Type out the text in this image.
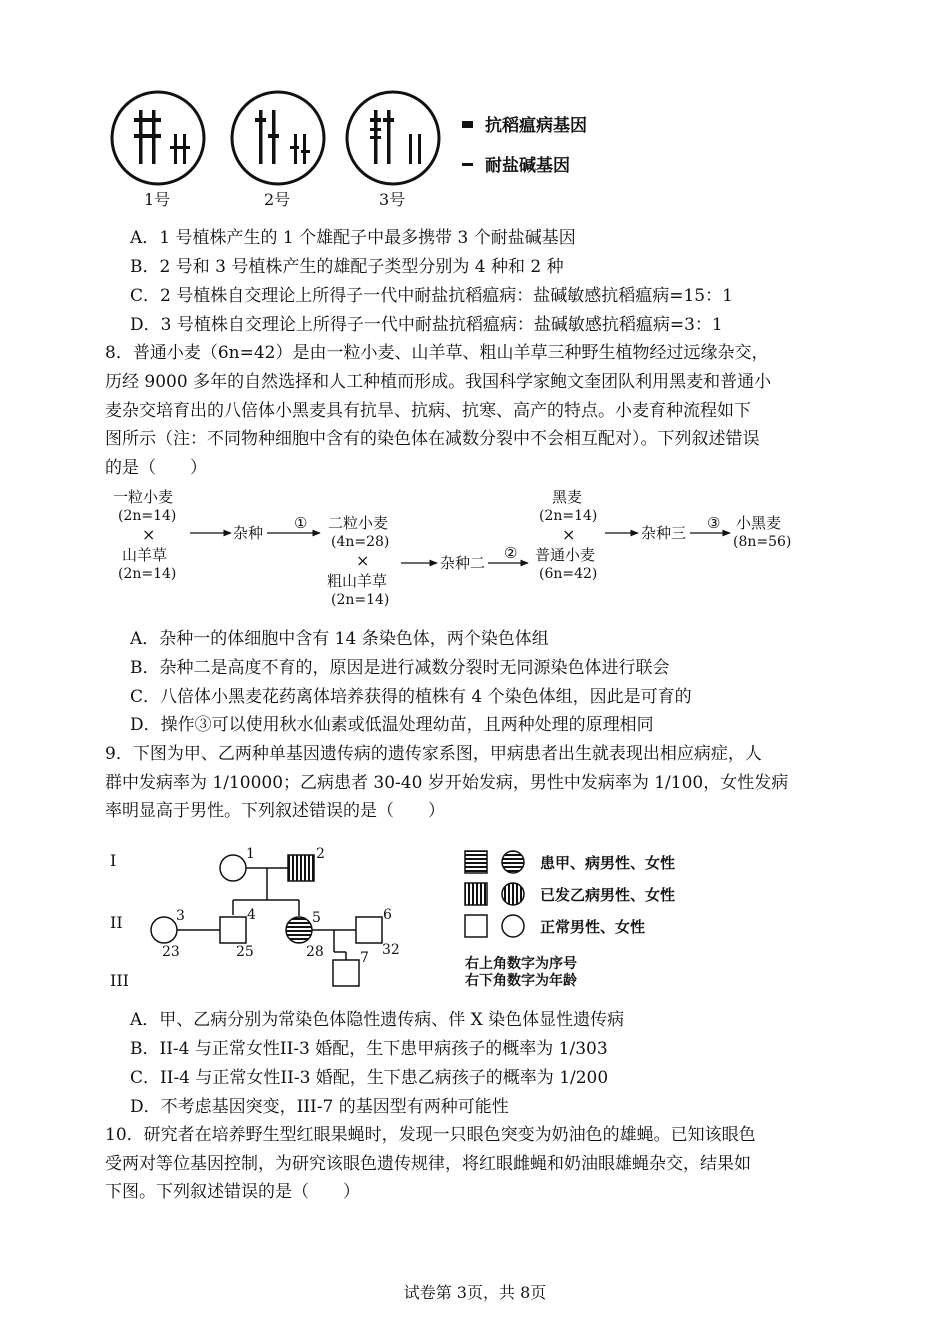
1号	2号	3号
抗稻瘟病基因
耐盐碱基因
A．1 号植株产生的 1 个雄配子中最多携带 3 个耐盐碱基因
B．2 号和 3 号植株产生的雄配子类型分别为 4 种和 2 种
C．2 号植株自交理论上所得子一代中耐盐抗稻瘟病：盐碱敏感抗稻瘟病=15：1
D．3 号植株自交理论上所得子一代中耐盐抗稻瘟病：盐碱敏感抗稻瘟病=3：1
8．普通小麦（6n=42）是由一粒小麦、山羊草、粗山羊草三种野生植物经过远缘杂交，
历经 9000 多年的自然选择和人工种植而形成。我国科学家鲍文奎团队利用黑麦和普通小
麦杂交培育出的八倍体小黑麦具有抗旱、抗病、抗寒、高产的特点。小麦育种流程如下
图所示（注：不同物种细胞中含有的染色体在减数分裂中不会相互配对）。下列叙述错误
的是（　　）
一粒小麦
(2n=14)
×
山羊草
(2n=14)
杂种
① 二粒小麦
(4n=28)
×
粗山羊草
(2n=14)
杂种二
②
黑麦
(2n=14)
×
普通小麦
(6n=42)
杂种三
③ 小黑麦
(8n=56)
A．杂种一的体细胞中含有 14 条染色体，两个染色体组
B．杂种二是高度不育的，原因是进行减数分裂时无同源染色体进行联会
C．八倍体小黑麦花药离体培养获得的植株有 4 个染色体组，因此是可育的
D．操作③可以使用秋水仙素或低温处理幼苗，且两种处理的原理相同
9．下图为甲、乙两种单基因遗传病的遗传家系图，甲病患者出生就表现出相应病症，人
群中发病率为 1/10000；乙病患者 30-40 岁开始发病，男性中发病率为 1/100，女性发病
率明显高于男性。下列叙述错误的是（　　）
I
II
III
1	2
3	4	5	6
7
23	25	28	32
患甲、病男性、女性
已发乙病男性、女性
正常男性、女性
右上角数字为序号
右下角数字为年龄
A．甲、乙病分别为常染色体隐性遗传病、伴 X 染色体显性遗传病
B．II-4 与正常女性II-3 婚配，生下患甲病孩子的概率为 1/303
C．II-4 与正常女性II-3 婚配，生下患乙病孩子的概率为 1/200
D．不考虑基因突变，III-7 的基因型有两种可能性
10．研究者在培养野生型红眼果蝇时，发现一只眼色突变为奶油色的雄蝇。已知该眼色
受两对等位基因控制，为研究该眼色遗传规律，将红眼雌蝇和奶油眼雄蝇杂交，结果如
下图。下列叙述错误的是（　　）
试卷第 3页，共 8页
